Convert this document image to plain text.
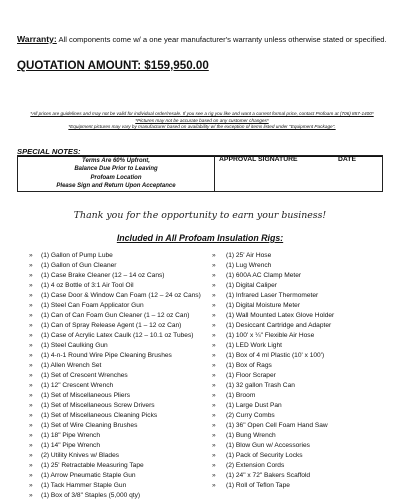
Warranty: All components come w/ a one year manufacturer's warranty unless otherwise stated or specified.
QUOTATION AMOUNT: $159,950.00
*All prices are guidelines and may not be valid for individual order/resale. If you see a rig you like and want a current formal price, contact Profoam at (706) 857-1400*
*Pictures may not be accurate based on any customer changes*
*Equipment pictures may vary by manufacturer based on availability w/ the exception of items listed under "Equipment Package".
SPECIAL NOTES:
Terms Are 60% Upfront,
Balance Due Prior to Leaving
Profoam Location
Please Sign and Return Upon Acceptance
APPROVAL SIGNATURE	DATE
Thank you for the opportunity to earn your business!
Included in All Profoam Insulation Rigs:
»	(1) Gallon of Pump Lube
»	(1) Gallon of Gun Cleaner
»	(1) Case Brake Cleaner (12 – 14 oz Cans)
»	(1) 4 oz Bottle of 3:1 Air Tool Oil
»	(1) Case Door & Window Can Foam (12 – 24 oz Cans)
»	(1) Steel Can Foam Applicator Gun
»	(1) Can of Can Foam Gun Cleaner (1 – 12 oz Can)
»	(1) Can of Spray Release Agent (1 – 12 oz Can)
»	(1) Case of Acrylic Latex Caulk (12 – 10.1 oz Tubes)
»	(1) Steel Caulking Gun
»	(1) 4-n-1 Round Wire Pipe Cleaning Brushes
»	(1) Allen Wrench Set
»	(1) Set of Crescent Wrenches
»	(1) 12" Crescent Wrench
»	(1) Set of Miscellaneous Pliers
»	(1) Set of Miscellaneous Screw Drivers
»	(1) Set of Miscellaneous Cleaning Picks
»	(1) Set of Wire Cleaning Brushes
»	(1) 18" Pipe Wrench
»	(1) 14" Pipe Wrench
»	(2) Utility Knives w/ Blades
»	(1) 25' Retractable Measuring Tape
»	(1) Arrow Pneumatic Staple Gun
»	(1) Tack Hammer Staple Gun
»	(1) Box of 3/8" Staples (5,000 qty)
»	(1) 25' Air Hose
»	(1) Lug Wrench
»	(1) 600A AC Clamp Meter
»	(1) Digital Caliper
»	(1) Infrared Laser Thermometer
»	(1) Digital Moisture Meter
»	(1) Wall Mounted Latex Glove Holder
»	(1) Desiccant Cartridge and Adapter
»	(1) 100' x ¼" Flexible Air Hose
»	(1) LED Work Light
»	(1) Box of 4 ml Plastic (10' x 100')
»	(1) Box of Rags
»	(1) Floor Scraper
»	(1) 32 gallon Trash Can
»	(1) Broom
»	(1) Large Dust Pan
»	(2) Curry Combs
»	(1) 36" Open Cell Foam Hand Saw
»	(1) Bung Wrench
»	(1) Blow Gun w/ Accessories
»	(1) Pack of Security Locks
»	(2) Extension Cords
»	(1) 24" x 72" Bakers Scaffold
»	(1) Roll of Teflon Tape
